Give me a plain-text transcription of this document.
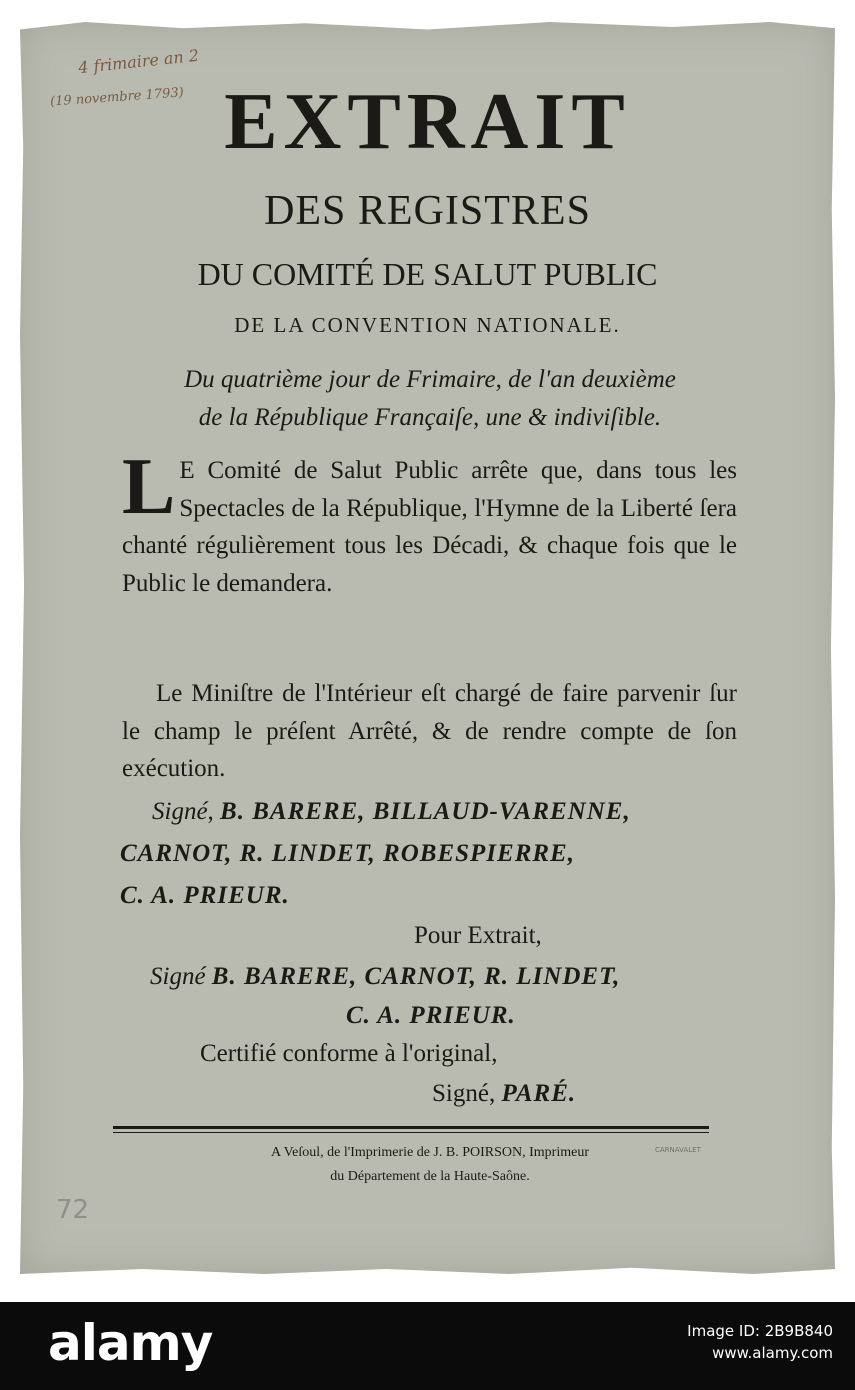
4 frimaire an 2
(19 novembre 1793) EXTRAIT
DES REGISTRES
DU COMITÉ DE SALUT PUBLIC
DE LA CONVENTION NATIONALE.
Du quatrième jour de Frimaire, de l'an deuxième
de la République Françaiſe, une & indiviſible.
L E Comité de Salut Public arrête que, dans tous les Spectacles de la République, l'Hymne de la Liberté ſera chanté régulièrement tous les Décadi, & chaque fois que le Public le demandera.
Le Miniſtre de l'Intérieur eſt chargé de faire parvenir ſur le champ le préſent Arrêté, & de rendre compte de ſon exécution.
Signé, B. BARERE, BILLAUD-VARENNE,
CARNOT, R. LINDET, ROBESPIERRE,
C. A. PRIEUR.
Pour Extrait,
Signé B. BARERE, CARNOT, R. LINDET,
C. A. PRIEUR.
Certifié conforme à l'original,
Signé, PARÉ.
A Veſoul, de l'Imprimerie de J. B. POIRSON, Imprimeur
du Département de la Haute-Saône.
CARNAVALET
72
alamy	Image ID: 2B9B840
www.alamy.com
